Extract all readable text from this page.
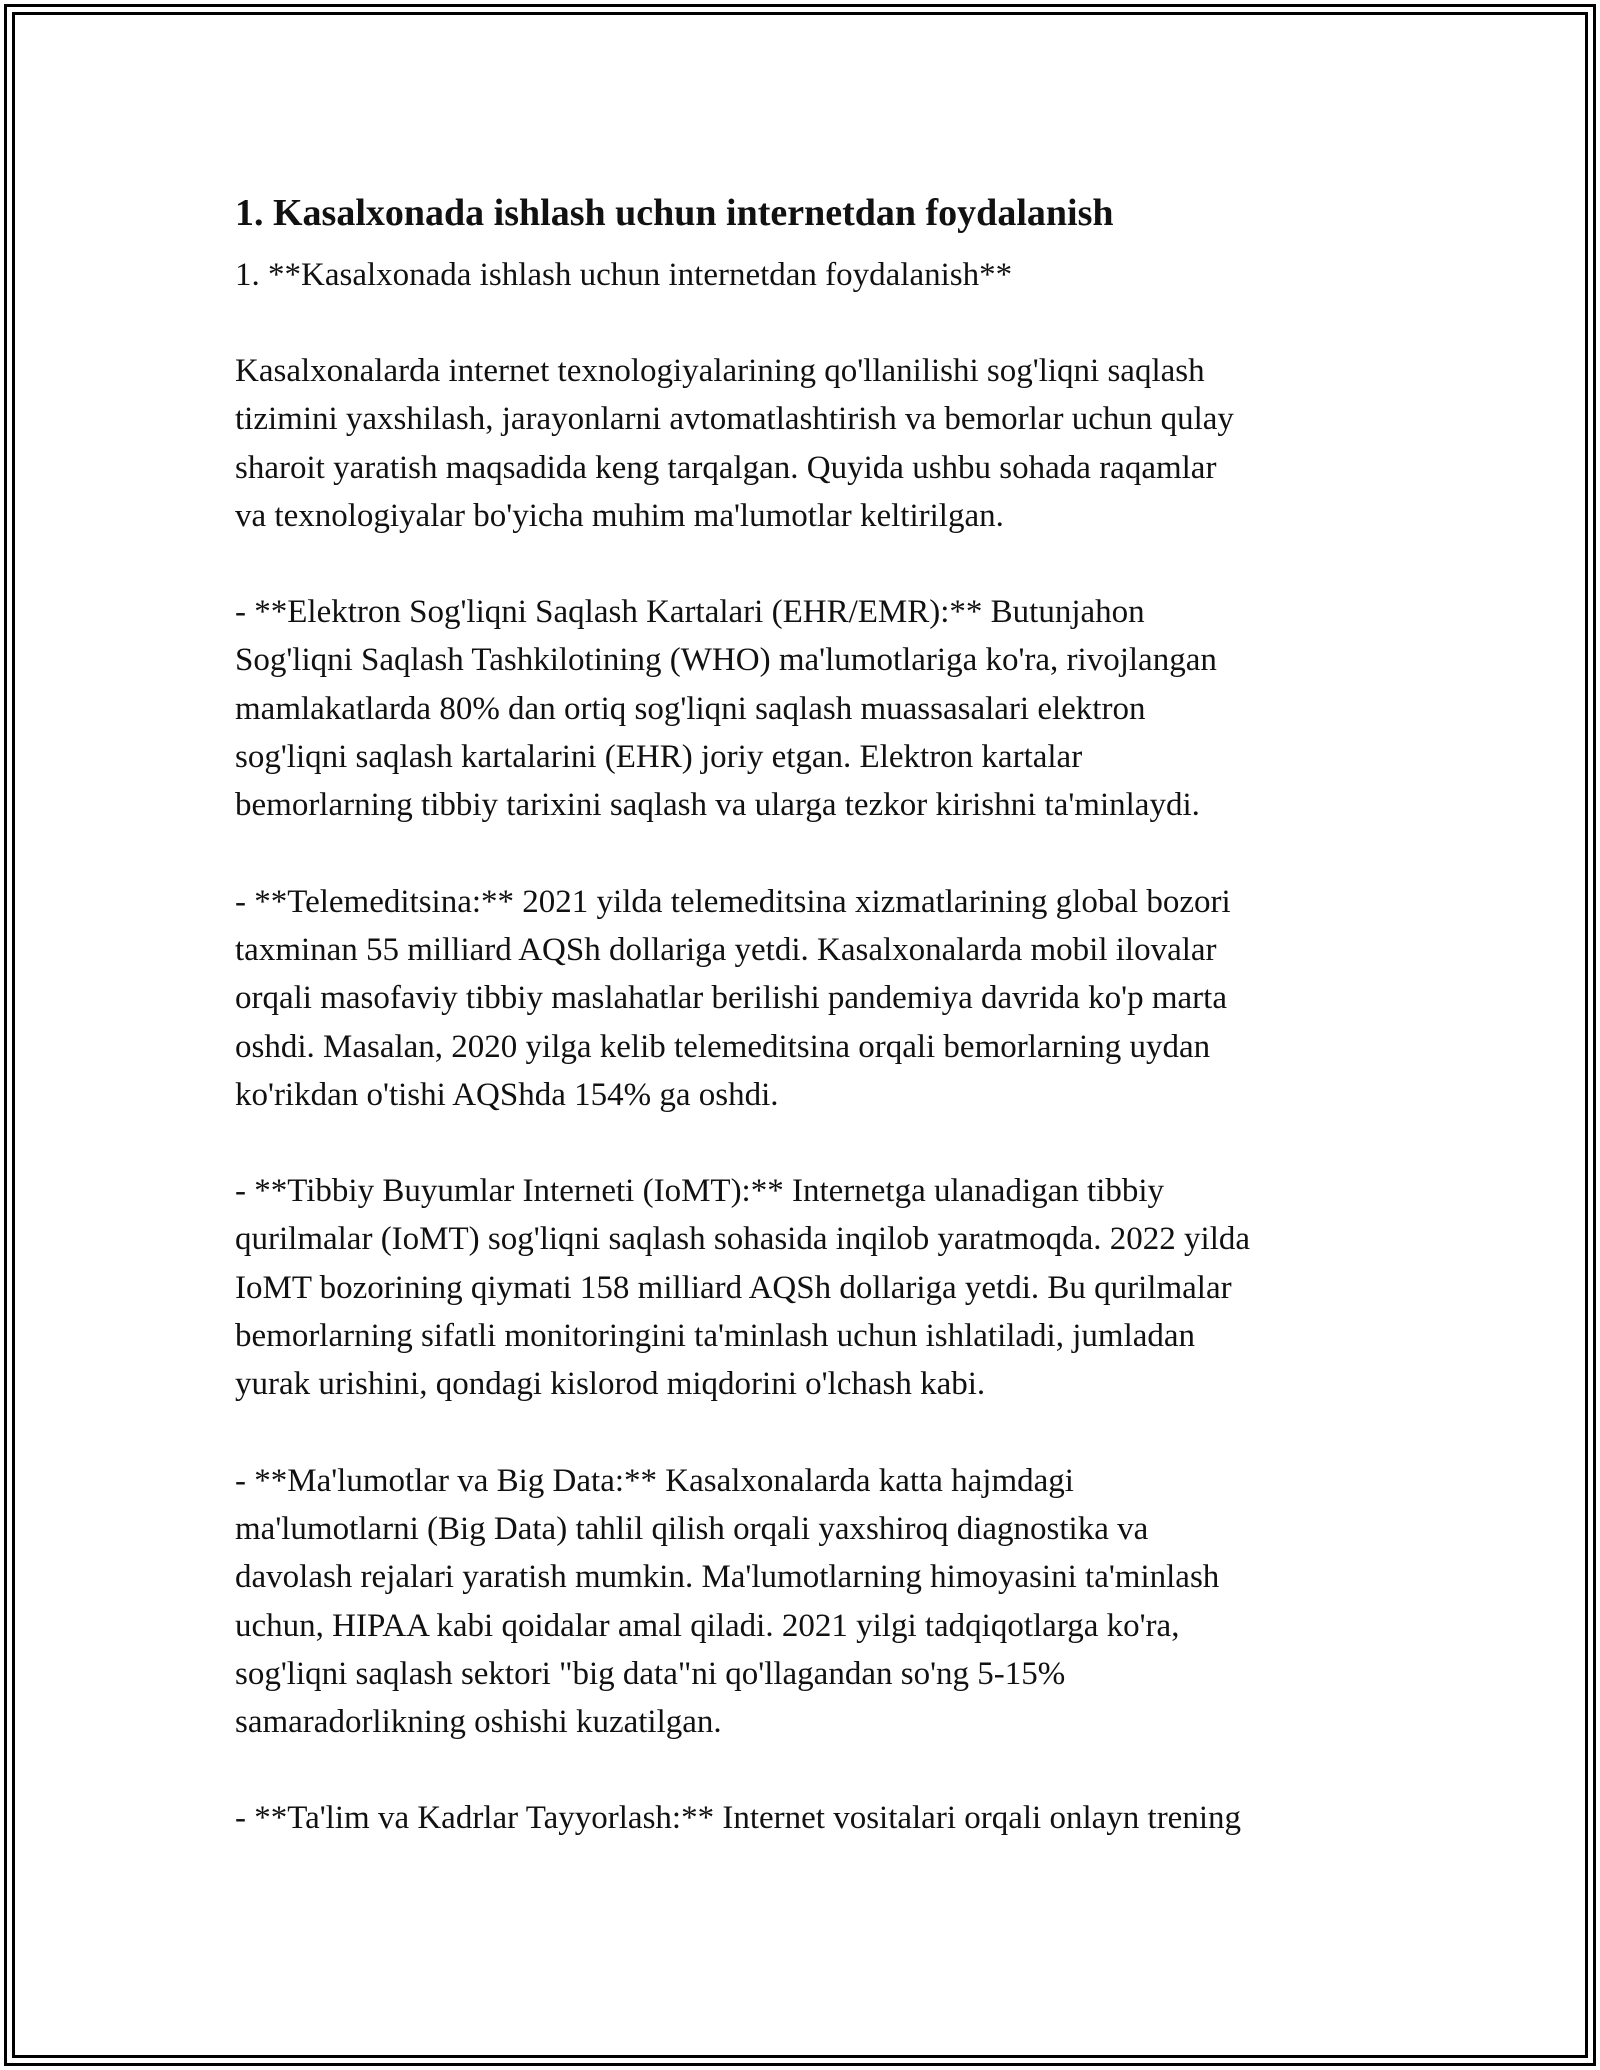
1. Kasalxonada ishlash uchun internetdan foydalanish

1. **Kasalxonada ishlash uchun internetdan foydalanish**

Kasalxonalarda internet texnologiyalarining qo'llanilishi sog'liqni saqlash
tizimini yaxshilash, jarayonlarni avtomatlashtirish va bemorlar uchun qulay
sharoit yaratish maqsadida keng tarqalgan. Quyida ushbu sohada raqamlar
va texnologiyalar bo'yicha muhim ma'lumotlar keltirilgan.

- **Elektron Sog'liqni Saqlash Kartalari (EHR/EMR):** Butunjahon
Sog'liqni Saqlash Tashkilotining (WHO) ma'lumotlariga ko'ra, rivojlangan
mamlakatlarda 80% dan ortiq sog'liqni saqlash muassasalari elektron
sog'liqni saqlash kartalarini (EHR) joriy etgan. Elektron kartalar
bemorlarning tibbiy tarixini saqlash va ularga tezkor kirishni ta'minlaydi.

- **Telemeditsina:** 2021 yilda telemeditsina xizmatlarining global bozori
taxminan 55 milliard AQSh dollariga yetdi. Kasalxonalarda mobil ilovalar
orqali masofaviy tibbiy maslahatlar berilishi pandemiya davrida ko'p marta
oshdi. Masalan, 2020 yilga kelib telemeditsina orqali bemorlarning uydan
ko'rikdan o'tishi AQShda 154% ga oshdi.

- **Tibbiy Buyumlar Interneti (IoMT):** Internetga ulanadigan tibbiy
qurilmalar (IoMT) sog'liqni saqlash sohasida inqilob yaratmoqda. 2022 yilda
IoMT bozorining qiymati 158 milliard AQSh dollariga yetdi. Bu qurilmalar
bemorlarning sifatli monitoringini ta'minlash uchun ishlatiladi, jumladan
yurak urishini, qondagi kislorod miqdorini o'lchash kabi.

- **Ma'lumotlar va Big Data:** Kasalxonalarda katta hajmdagi
ma'lumotlarni (Big Data) tahlil qilish orqali yaxshiroq diagnostika va
davolash rejalari yaratish mumkin. Ma'lumotlarning himoyasini ta'minlash
uchun, HIPAA kabi qoidalar amal qiladi. 2021 yilgi tadqiqotlarga ko'ra,
sog'liqni saqlash sektori "big data"ni qo'llagandan so'ng 5-15%
samaradorlikning oshishi kuzatilgan.

- **Ta'lim va Kadrlar Tayyorlash:** Internet vositalari orqali onlayn trening
